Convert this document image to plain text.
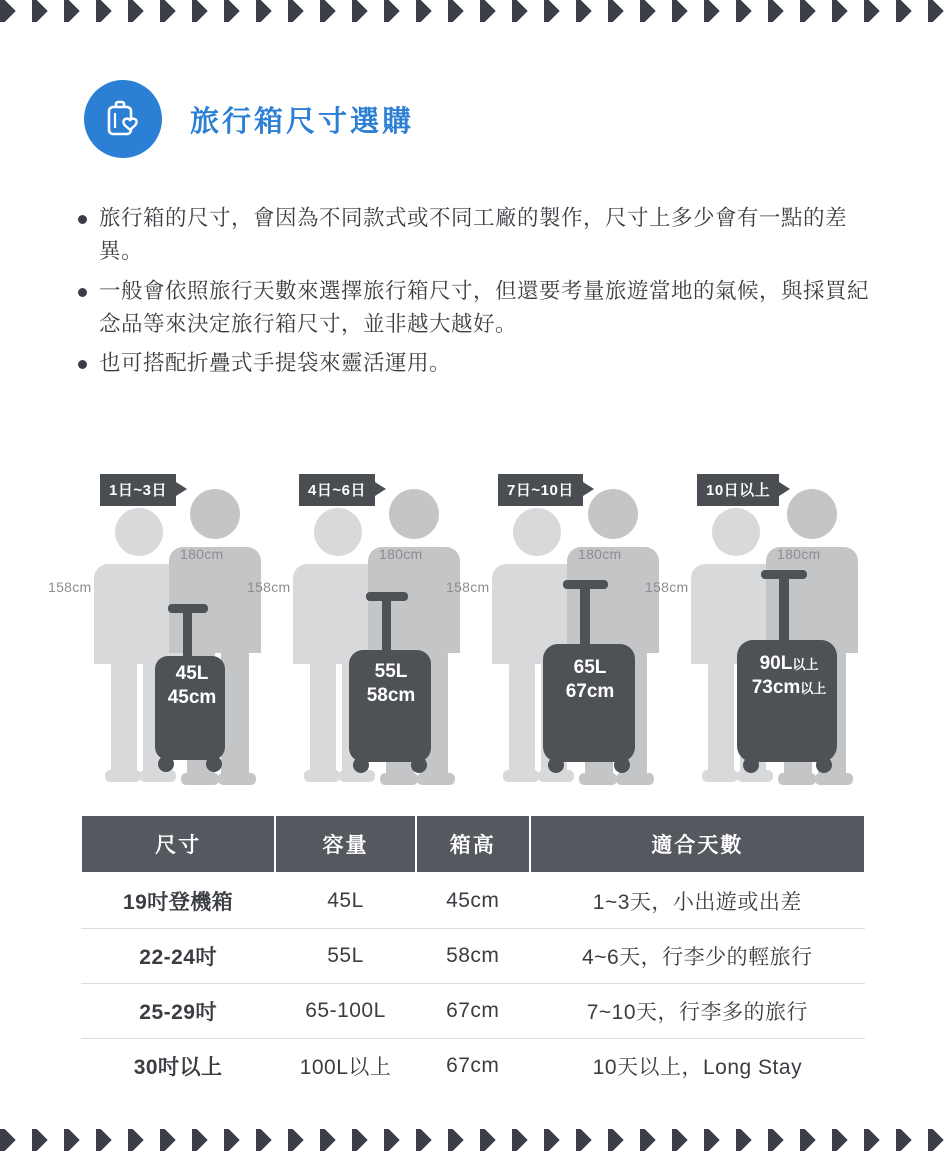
旅行箱尺寸選購
旅行箱的尺寸，會因為不同款式或不同工廠的製作，尺寸上多少會有一點的差異。
一般會依照旅行天數來選擇旅行箱尺寸，但還要考量旅遊當地的氣候，與採買紀念品等來決定旅行箱尺寸，並非越大越好。
也可搭配折疊式手提袋來靈活運用。
1日~3日
180cm
158cm
45L
45cm
4日~6日
180cm
158cm
55L
58cm
7日~10日
180cm
158cm
65L
67cm
10日以上
180cm
158cm
90L以上
73cm以上
尺寸	容量	箱高	適合天數
19吋登機箱	45L	45cm	1~3天，小出遊或出差
22-24吋	55L	58cm	4~6天，行李少的輕旅行
25-29吋	65-100L	67cm	7~10天，行李多的旅行
30吋以上	100L以上	67cm	10天以上，Long Stay
